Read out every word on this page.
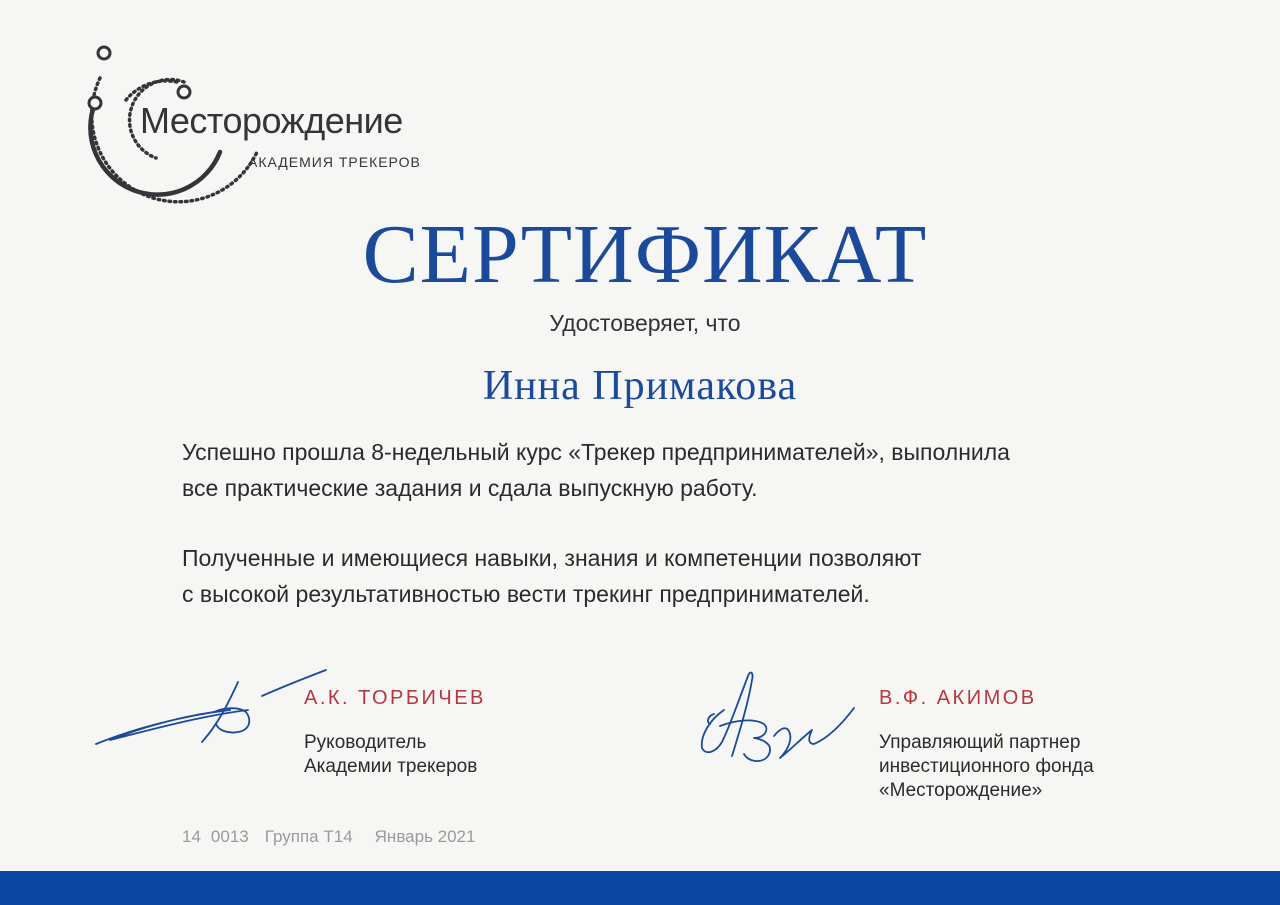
Месторождение
АКАДЕМИЯ ТРЕКЕРОВ
СЕРТИФИКАТ
Удостоверяет, что
Инна Примакова
Успешно прошла 8-недельный курс «Трекер предпринимателей», выполнила
все практические задания и сдала выпускную работу.
Полученные и имеющиеся навыки, знания и компетенции позволяют
с высокой результативностью вести трекинг предпринимателей.
А.К. ТОРБИЧЕВ
Руководитель
Академии трекеров
В.Ф. АКИМОВ
Управляющий партнер
инвестиционного фонда
«Месторождение»
14 0013 Группа Т14 Январь 2021
